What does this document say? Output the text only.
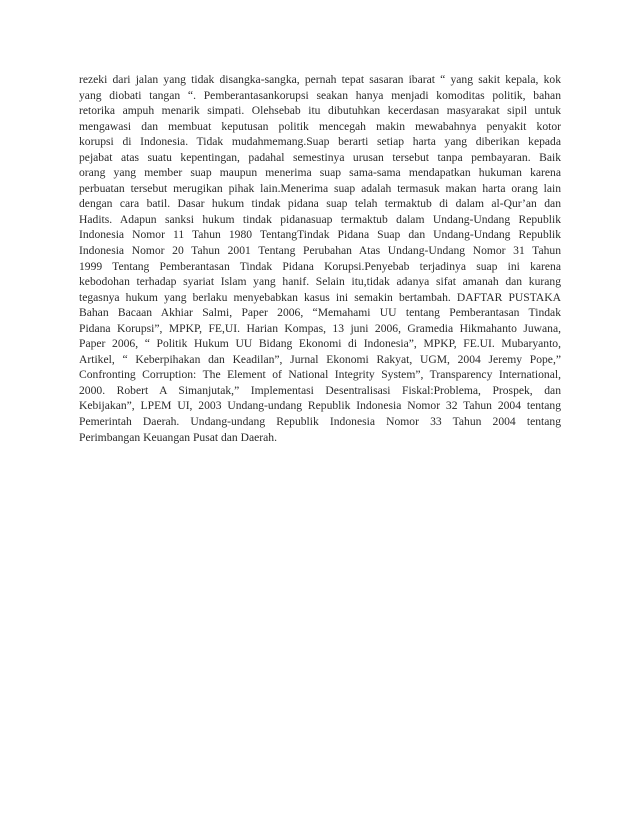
rezeki dari jalan yang tidak disangka-sangka, pernah tepat sasaran ibarat “ yang sakit kepala, kok
yang diobati tangan “. Pemberantasankorupsi seakan hanya menjadi komoditas politik, bahan
retorika ampuh menarik simpati. Olehsebab itu dibutuhkan kecerdasan masyarakat sipil untuk
mengawasi dan membuat keputusan politik mencegah makin mewabahnya penyakit kotor
korupsi di Indonesia. Tidak mudahmemang.Suap berarti setiap harta yang diberikan kepada
pejabat atas suatu kepentingan, padahal semestinya urusan tersebut tanpa pembayaran. Baik
orang yang member suap maupun menerima suap sama-sama mendapatkan hukuman karena
perbuatan tersebut merugikan pihak lain.Menerima suap adalah termasuk makan harta orang lain
dengan cara batil. Dasar hukum tindak pidana suap telah termaktub di dalam al-Qur’an dan
Hadits. Adapun sanksi hukum tindak pidanasuap termaktub dalam Undang-Undang Republik
Indonesia Nomor 11 Tahun 1980 TentangTindak Pidana Suap dan Undang-Undang Republik
Indonesia Nomor 20 Tahun 2001 Tentang Perubahan Atas Undang-Undang Nomor 31 Tahun
1999 Tentang Pemberantasan Tindak Pidana Korupsi.Penyebab terjadinya suap ini karena
kebodohan terhadap syariat Islam yang hanif. Selain itu,tidak adanya sifat amanah dan kurang
tegasnya hukum yang berlaku menyebabkan kasus ini semakin bertambah. DAFTAR PUSTAKA
Bahan Bacaan Akhiar Salmi, Paper 2006, “Memahami UU tentang Pemberantasan Tindak
Pidana Korupsi”, MPKP, FE,UI. Harian Kompas, 13 juni 2006, Gramedia Hikmahanto Juwana,
Paper 2006, “ Politik Hukum UU Bidang Ekonomi di Indonesia”, MPKP, FE.UI. Mubaryanto,
Artikel, “ Keberpihakan dan Keadilan”, Jurnal Ekonomi Rakyat, UGM, 2004 Jeremy Pope,”
Confronting Corruption: The Element of National Integrity System”, Transparency International,
2000. Robert A Simanjutak,” Implementasi Desentralisasi Fiskal:Problema, Prospek, dan
Kebijakan”, LPEM UI, 2003 Undang-undang Republik Indonesia Nomor 32 Tahun 2004 tentang
Pemerintah Daerah. Undang-undang Republik Indonesia Nomor 33 Tahun 2004 tentang
Perimbangan Keuangan Pusat dan Daerah.
